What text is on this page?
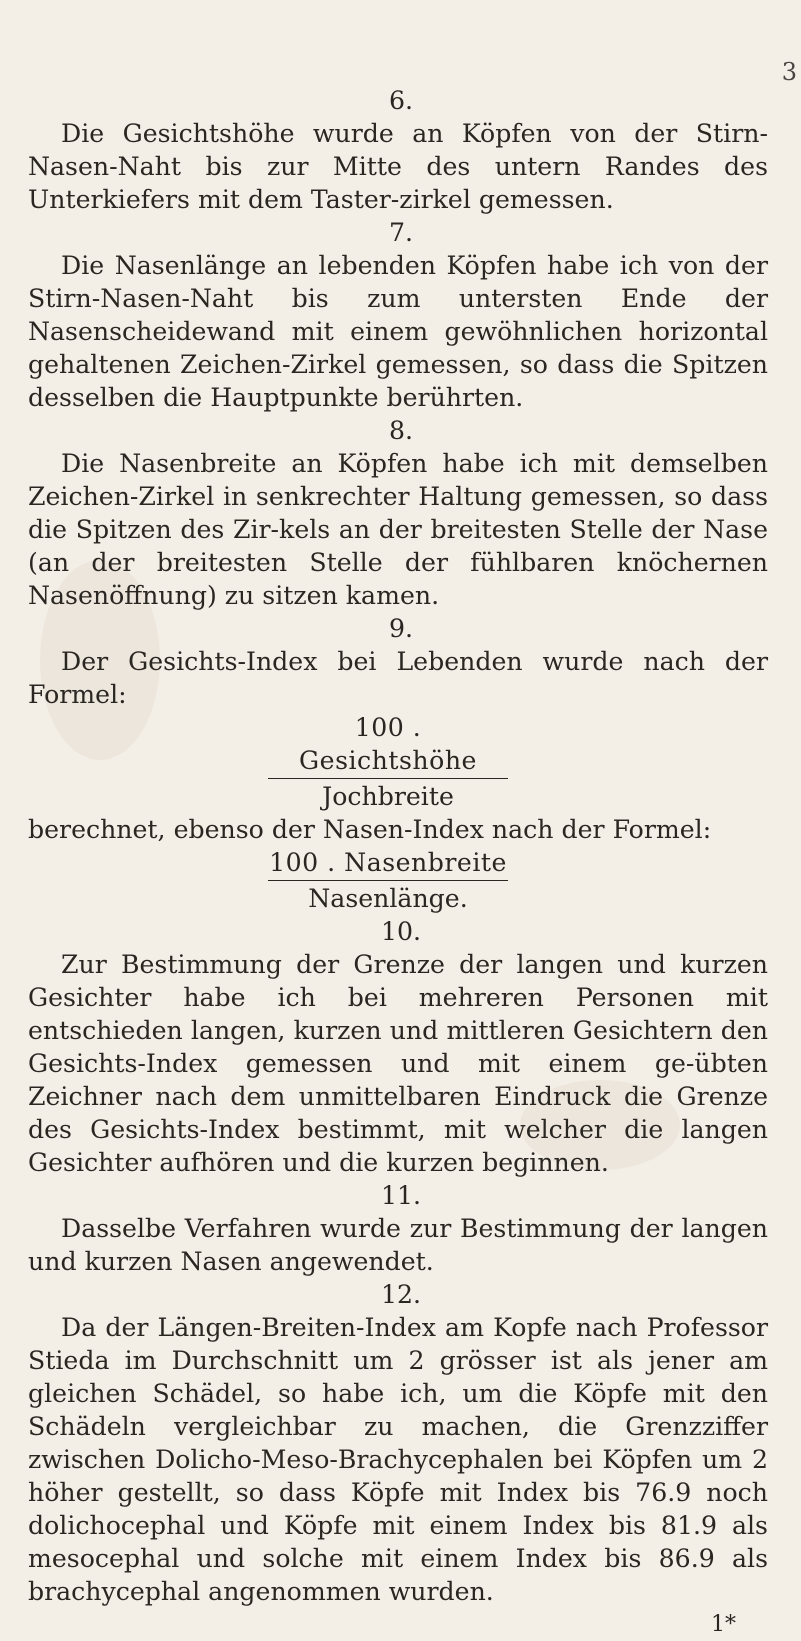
3

6.

Die Gesichtshöhe wurde an Köpfen von der Stirn-Nasen-Naht bis zur Mitte des untern Randes des Unterkiefers mit dem Taster-zirkel gemessen.

7.

Die Nasenlänge an lebenden Köpfen habe ich von der Stirn-Nasen-Naht bis zum untersten Ende der Nasenscheidewand mit einem gewöhnlichen horizontal gehaltenen Zeichen-Zirkel gemessen, so dass die Spitzen desselben die Hauptpunkte berührten.

8.

Die Nasenbreite an Köpfen habe ich mit demselben Zeichen-Zirkel in senkrechter Haltung gemessen, so dass die Spitzen des Zir-kels an der breitesten Stelle der Nase (an der breitesten Stelle der fühlbaren knöchernen Nasenöffnung) zu sitzen kamen.

9.

Der Gesichts-Index bei Lebenden wurde nach der Formel:

100 . Gesichtshöhe
Jochbreite

berechnet, ebenso der Nasen-Index nach der Formel:

100 . Nasenbreite
Nasenlänge.

10.

Zur Bestimmung der Grenze der langen und kurzen Gesichter habe ich bei mehreren Personen mit entschieden langen, kurzen und mittleren Gesichtern den Gesichts-Index gemessen und mit einem ge-übten Zeichner nach dem unmittelbaren Eindruck die Grenze des Gesichts-Index bestimmt, mit welcher die langen Gesichter aufhören und die kurzen beginnen.

11.

Dasselbe Verfahren wurde zur Bestimmung der langen und kurzen Nasen angewendet.

12.

Da der Längen-Breiten-Index am Kopfe nach Professor Stieda im Durchschnitt um 2 grösser ist als jener am gleichen Schädel, so habe ich, um die Köpfe mit den Schädeln vergleichbar zu machen, die Grenzziffer zwischen Dolicho-Meso-Brachycephalen bei Köpfen um 2 höher gestellt, so dass Köpfe mit Index bis 76.9 noch dolichocephal und Köpfe mit einem Index bis 81.9 als mesocephal und solche mit einem Index bis 86.9 als brachycephal angenommen wurden.

1*
